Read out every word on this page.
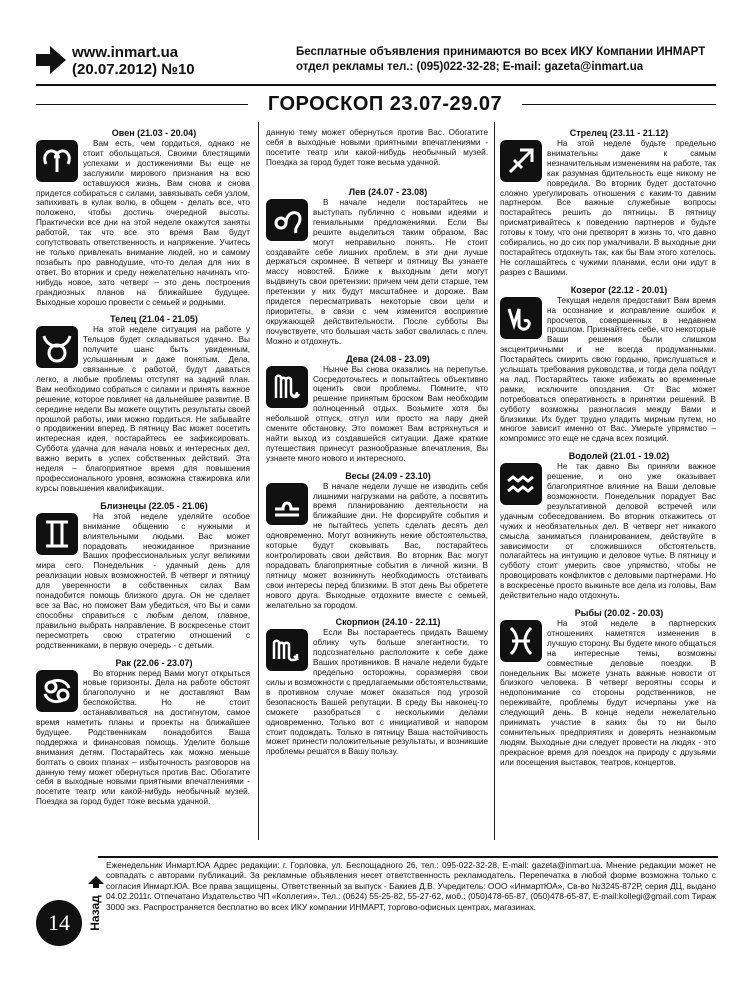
www.inmart.ua
(20.07.2012) №10
Бесплатные объявления принимаются во всех ИКУ Компании ИНМАРТ
отдел рекламы тел.: (095)022-32-28; E-mail: gazeta@inmart.ua
ГОРОСКОП 23.07-29.07
Овен (21.03 - 20.04)

Вам есть, чем гордиться, однако не стоит обольщаться. Своими блестящими успехами и достижениями Вы еще не заслужили мирового признания на всю оставшуюся жизнь. Вам снова и снова придется собираться с силами, завязывать себя узлом, запихивать в кулак волю, в общем - делать все, что положено, чтобы достичь очередной высоты. Практически все дни на этой неделе окажутся заняты работой, так что все это время Вам будут сопутствовать ответственность и напряжение. Учитесь не только привлекать внимание людей, но и самому позабыть про равнодушие, что-то делая для них в ответ. Во вторник и среду нежелательно начинать что-нибудь новое, зато четверг – это день построения грандиозных планов на ближайшее будущее. Выходные хорошо провести с семьей и родными.

Телец (21.04 - 21.05)

На этой неделе ситуация на работе у Тельцов будет складываться удачно. Вы получите шанс быть увиденным, услышанным и даже понятым. Дела, связанные с работой, будут даваться легко, а любые проблемы отступят на задний план. Вам необходимо собраться с силами и принять важное решение, которое повлияет на дальнейшее развитие. В середине недели Вы можете ощутить результаты своей прошлой работы, ими можно гордиться. Не забывайте о продвижении вперед. В пятницу Вас может посетить интересная идея, постарайтесь ее зафиксировать. Суббота удачна для начала новых и интересных дел, важно верить в успех собственных действий. Эта неделя – благоприятное время для повышения профессионального уровня, возможна стажировка или курсы повышения квалификации.

Близнецы (22.05 - 21.06)

На этой неделе уделяйте особое внимание общению с нужными и влиятельными людьми. Вас может порадовать неожиданное признание Ваших профессиональных услуг великими мира сего. Понедельник - удачный день для реализации новых возможностей. В четверг и пятницу для уверенности в собственных силах Вам понадобится помощь близкого друга. Он не сделает все за Вас, но поможет Вам убедиться, что Вы и сами способны справиться с любым делом, главное, правильно выбрать направление. В воскресенье стоит пересмотреть свою стратегию отношений с родственниками, в первую очередь - с детьми.

Рак (22.06 - 23.07)

Во вторник перед Вами могут открыться новые горизонты. Дела на работе обстоят благополучно и не доставляют Вам беспокойства. Но не стоит останавливаться на достигнутом, самое время наметить планы и проекты на ближайшее будущее. Родственникам понадобится Ваша поддержка и финансовая помощь. Уделите больше внимания детям. Постарайтесь как можно меньше болтать о своих планах – избыточность разговоров на данную тему может обернуться против Вас. Обогатите себя в выходные новыми приятными впечатлениями - посетите театр или какой-нибудь необычный музей. Поездка за город будет тоже весьма удачной.

данную тему может обернуться против Вас. Обогатите себя в выходные новыми приятными впечатлениями - посетите театр или какой-нибудь необычный музей. Поездка за город будет тоже весьма удачной.

Лев (24.07 - 23.08)

В начале недели постарайтесь не выступать публично с новыми идеями и гениальными предложениями. Если Вы решите выделиться таким образом, Вас могут неправильно понять. Не стоит создавайте себе лишних проблем, в эти дни лучше держаться скромнее. В четверг и пятницу Вы узнаете массу новостей. Ближе к выходным дети могут выдвинуть свои претензии: причем чем дети старше, тем претензии у них будут масштабнее и дороже. Вам придется пересматривать некоторые свои цели и приоритеты, в связи с чем изменится восприятие окружающей действительности. После субботы Вы почувствуете, что большая часть забот свалилась с плеч. Можно и отдохнуть.

Дева (24.08 - 23.09)

Нынче Вы снова оказались на перепутье. Сосредоточьтесь и попытайтесь объективно оценить свои проблемы. Помните, что решение принятым броском Вам необходим полноценный отдых. Возьмите хотя бы небольшой отпуск, отгул или просто на пару дней смените обстановку. Это поможет Вам встряхнуться и найти выход из создавшейся ситуации. Даже краткие путешествия принесут разнообразные впечатления, Вы узнаете много нового и интересного.

Весы (24.09 - 23.10)

В начале недели лучше не изводить себя лишними нагрузками на работе, а посвятить время планированию деятельности на ближайшие дни. Не форсируйте события и не пытайтесь успеть сделать десять дел одновременно. Могут возникнуть некие обстоятельства, которые будут сковывать Вас, постарайтесь контролировать свои действия. Во вторник Вас могут порадовать благоприятные события в личной жизни. В пятницу может возникнуть необходимость отстаивать свои интересы перед близкими. В этот день Вы обретете нового друга. Выходные отдохните вместе с семьей, желательно за городом.

Скорпион (24.10 - 22.11)

Если Вы постараетесь придать Вашему облику чуть больше элегантности, то подсознательно расположите к себе даже Ваших противников. В начале недели будьте предельно осторожны, соразмеряя свои силы и возможности с предлагаемыми обстоятельствами, в противном случае может оказаться под угрозой безопасность Вашей репутации. В среду Вы наконец-то сможете разобраться с несколькими делами одновременно. Только вот с инициативой и напором стоит подождать. Только в пятницу Ваша настойчивость может принести положительные результаты, и возникшие проблемы решатся в Вашу пользу.

Стрелец (23.11 - 21.12)

На этой неделе будьте предельно внимательны даже к самым незначительным изменениям на работе, так как разумная бдительность еще никому не повредила. Во вторник будет достаточно сложно урегулировать отношения с каким-то давним партнером. Все важные служебные вопросы постарайтесь решить до пятницы. В пятницу присматривайтесь к поведению партнеров и будьте готовы к тому, что они претворят в жизнь то, что давно собирались, но до сих пор умалчивали. В выходные дни постарайтесь отдохнуть так, как бы Вам этого хотелось. Не соглашайтесь с чужими планами, если они идут в разрез с Вашими.

Козерог (22.12 - 20.01)

Текущая неделя предоставит Вам время на осознание и исправление ошибок и просчетов, совершенных в недавнем прошлом. Признайтесь себе, что некоторые Ваши решения были слишком эксцентричными и не всегда продуманными. Постарайтесь смирить свою гордыню, прислушаться и услышать требования руководства, и тогда дела пойдут на лад. Постарайтесь также избежать во временные рамки, исключите опоздания. От Вас может потребоваться оперативность в принятии решений. В субботу возможны разногласия между Вами и близкими. Их будет трудно уладить мирным путем, но многое зависит именно от Вас. Умерьте упрямство – компромисс это еще не сдача всех позиций.

Водолей (21.01 - 19.02)

Не так давно Вы приняли важное решение, и оно уже оказывает благоприятное влияние на Ваши деловые возможности. Понедельник порадует Вас результативной деловой встречей или удачным собеседованием. Во вторник откажитесь от чужих и необязательных дел. В четверг нет никакого смысла заниматься планированием, действуйте в зависимости от сложившихся обстоятельств, полагайтесь на интуицию и деловое чутье. В пятницу и субботу стоит умерить свое упрямство, чтобы не провоцировать конфликтов с деловыми партнерами. Но в воскресенье просто выкиньте все дела из головы, Вам действительно надо отдохнуть.

Рыбы (20.02 - 20.03)

На этой неделе в партнерских отношениях наметятся изменения в лучшую сторону. Вы будете много общаться на интересные темы, возможны совместные деловые поездки. В понедельник Вы можете узнать важные новости от близкого человека. В четверг вероятны ссоры и недопонимание со стороны родственников, не переживайте, проблемы будут исчерпаны уже на следующий день. В конце недели нежелательно принимать участие в каких бы то ни было сомнительных предприятиях и доверять незнакомым людям. Выходные дни следует провести на людях - это прекрасное время для поездок на природу с друзьями или посещения выставок, театров, концертов.

Еженедельник Инмарт.ЮА Адрес редакции: г. Горловка, ул. Беспощадного 26, тел.: 095-022-32-28, E-mail: gazeta@inmart.ua. Мнение редакции может не совпадать с авторами публикаций. За рекламные объявления несет ответственность рекламодатель. Перепечатка в любой форме возможна только с согласия Инмарт.ЮА. Все права защищены. Ответственный за выпуск - Бакиев Д.В. Учредитель: ООО «ИнмартЮА», Св-во №3245-872Р, серия ДЦ, выдано 04.02.2011г. Отпечатано Издательство ЧП «Коллегия». Тел.: (0624) 55-25-82, 55-27-62, моб.: (050)478-65-87, (050)478-65-87, E-mail:kollegi@gmail.com Тираж 3000 экз. Распространяется бесплатно во всех ИКУ компании ИНМАРТ, торгово-офисных центрах, магазинах.
14	Назад
